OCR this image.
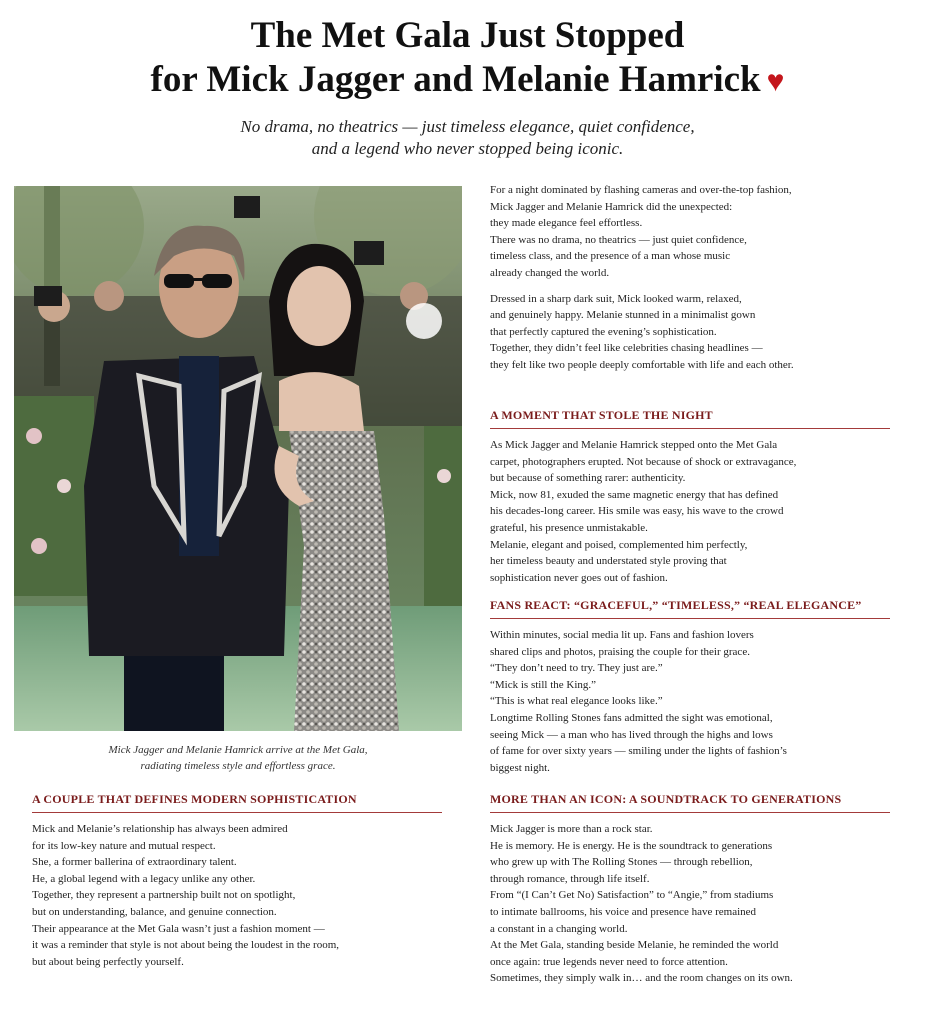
The Met Gala Just Stopped
for Mick Jagger and Melanie Hamrick ♥
No drama, no theatrics — just timeless elegance, quiet confidence,
and a legend who never stopped being iconic.
Mick Jagger and Melanie Hamrick arrive at the Met Gala,
radiating timeless style and effortless grace.
For a night dominated by flashing cameras and over-the-top fashion,
Mick Jagger and Melanie Hamrick did the unexpected:
they made elegance feel effortless.
There was no drama, no theatrics — just quiet confidence,
timeless class, and the presence of a man whose music
already changed the world.
Dressed in a sharp dark suit, Mick looked warm, relaxed,
and genuinely happy. Melanie stunned in a minimalist gown
that perfectly captured the evening’s sophistication.
Together, they didn’t feel like celebrities chasing headlines —
they felt like two people deeply comfortable with life and each other.
A MOMENT THAT STOLE THE NIGHT
As Mick Jagger and Melanie Hamrick stepped onto the Met Gala
carpet, photographers erupted. Not because of shock or extravagance,
but because of something rarer: authenticity.
Mick, now 81, exuded the same magnetic energy that has defined
his decades-long career. His smile was easy, his wave to the crowd
grateful, his presence unmistakable.
Melanie, elegant and poised, complemented him perfectly,
her timeless beauty and understated style proving that
sophistication never goes out of fashion.
FANS REACT: “GRACEFUL,” “TIMELESS,” “REAL ELEGANCE”
Within minutes, social media lit up. Fans and fashion lovers
shared clips and photos, praising the couple for their grace.
“They don’t need to try. They just are.”
“Mick is still the King.”
“This is what real elegance looks like.”
Longtime Rolling Stones fans admitted the sight was emotional,
seeing Mick — a man who has lived through the highs and lows
of fame for over sixty years — smiling under the lights of fashion’s
biggest night.
MORE THAN AN ICON: A SOUNDTRACK TO GENERATIONS
Mick Jagger is more than a rock star.
He is memory. He is energy. He is the soundtrack to generations
who grew up with The Rolling Stones — through rebellion,
through romance, through life itself.
From “(I Can’t Get No) Satisfaction” to “Angie,” from stadiums
to intimate ballrooms, his voice and presence have remained
a constant in a changing world.
At the Met Gala, standing beside Melanie, he reminded the world
once again: true legends never need to force attention.
Sometimes, they simply walk in… and the room changes on its own.
A COUPLE THAT DEFINES MODERN SOPHISTICATION
Mick and Melanie’s relationship has always been admired
for its low-key nature and mutual respect.
She, a former ballerina of extraordinary talent.
He, a global legend with a legacy unlike any other.
Together, they represent a partnership built not on spotlight,
but on understanding, balance, and genuine connection.
Their appearance at the Met Gala wasn’t just a fashion moment —
it was a reminder that style is not about being the loudest in the room,
but about being perfectly yourself.
